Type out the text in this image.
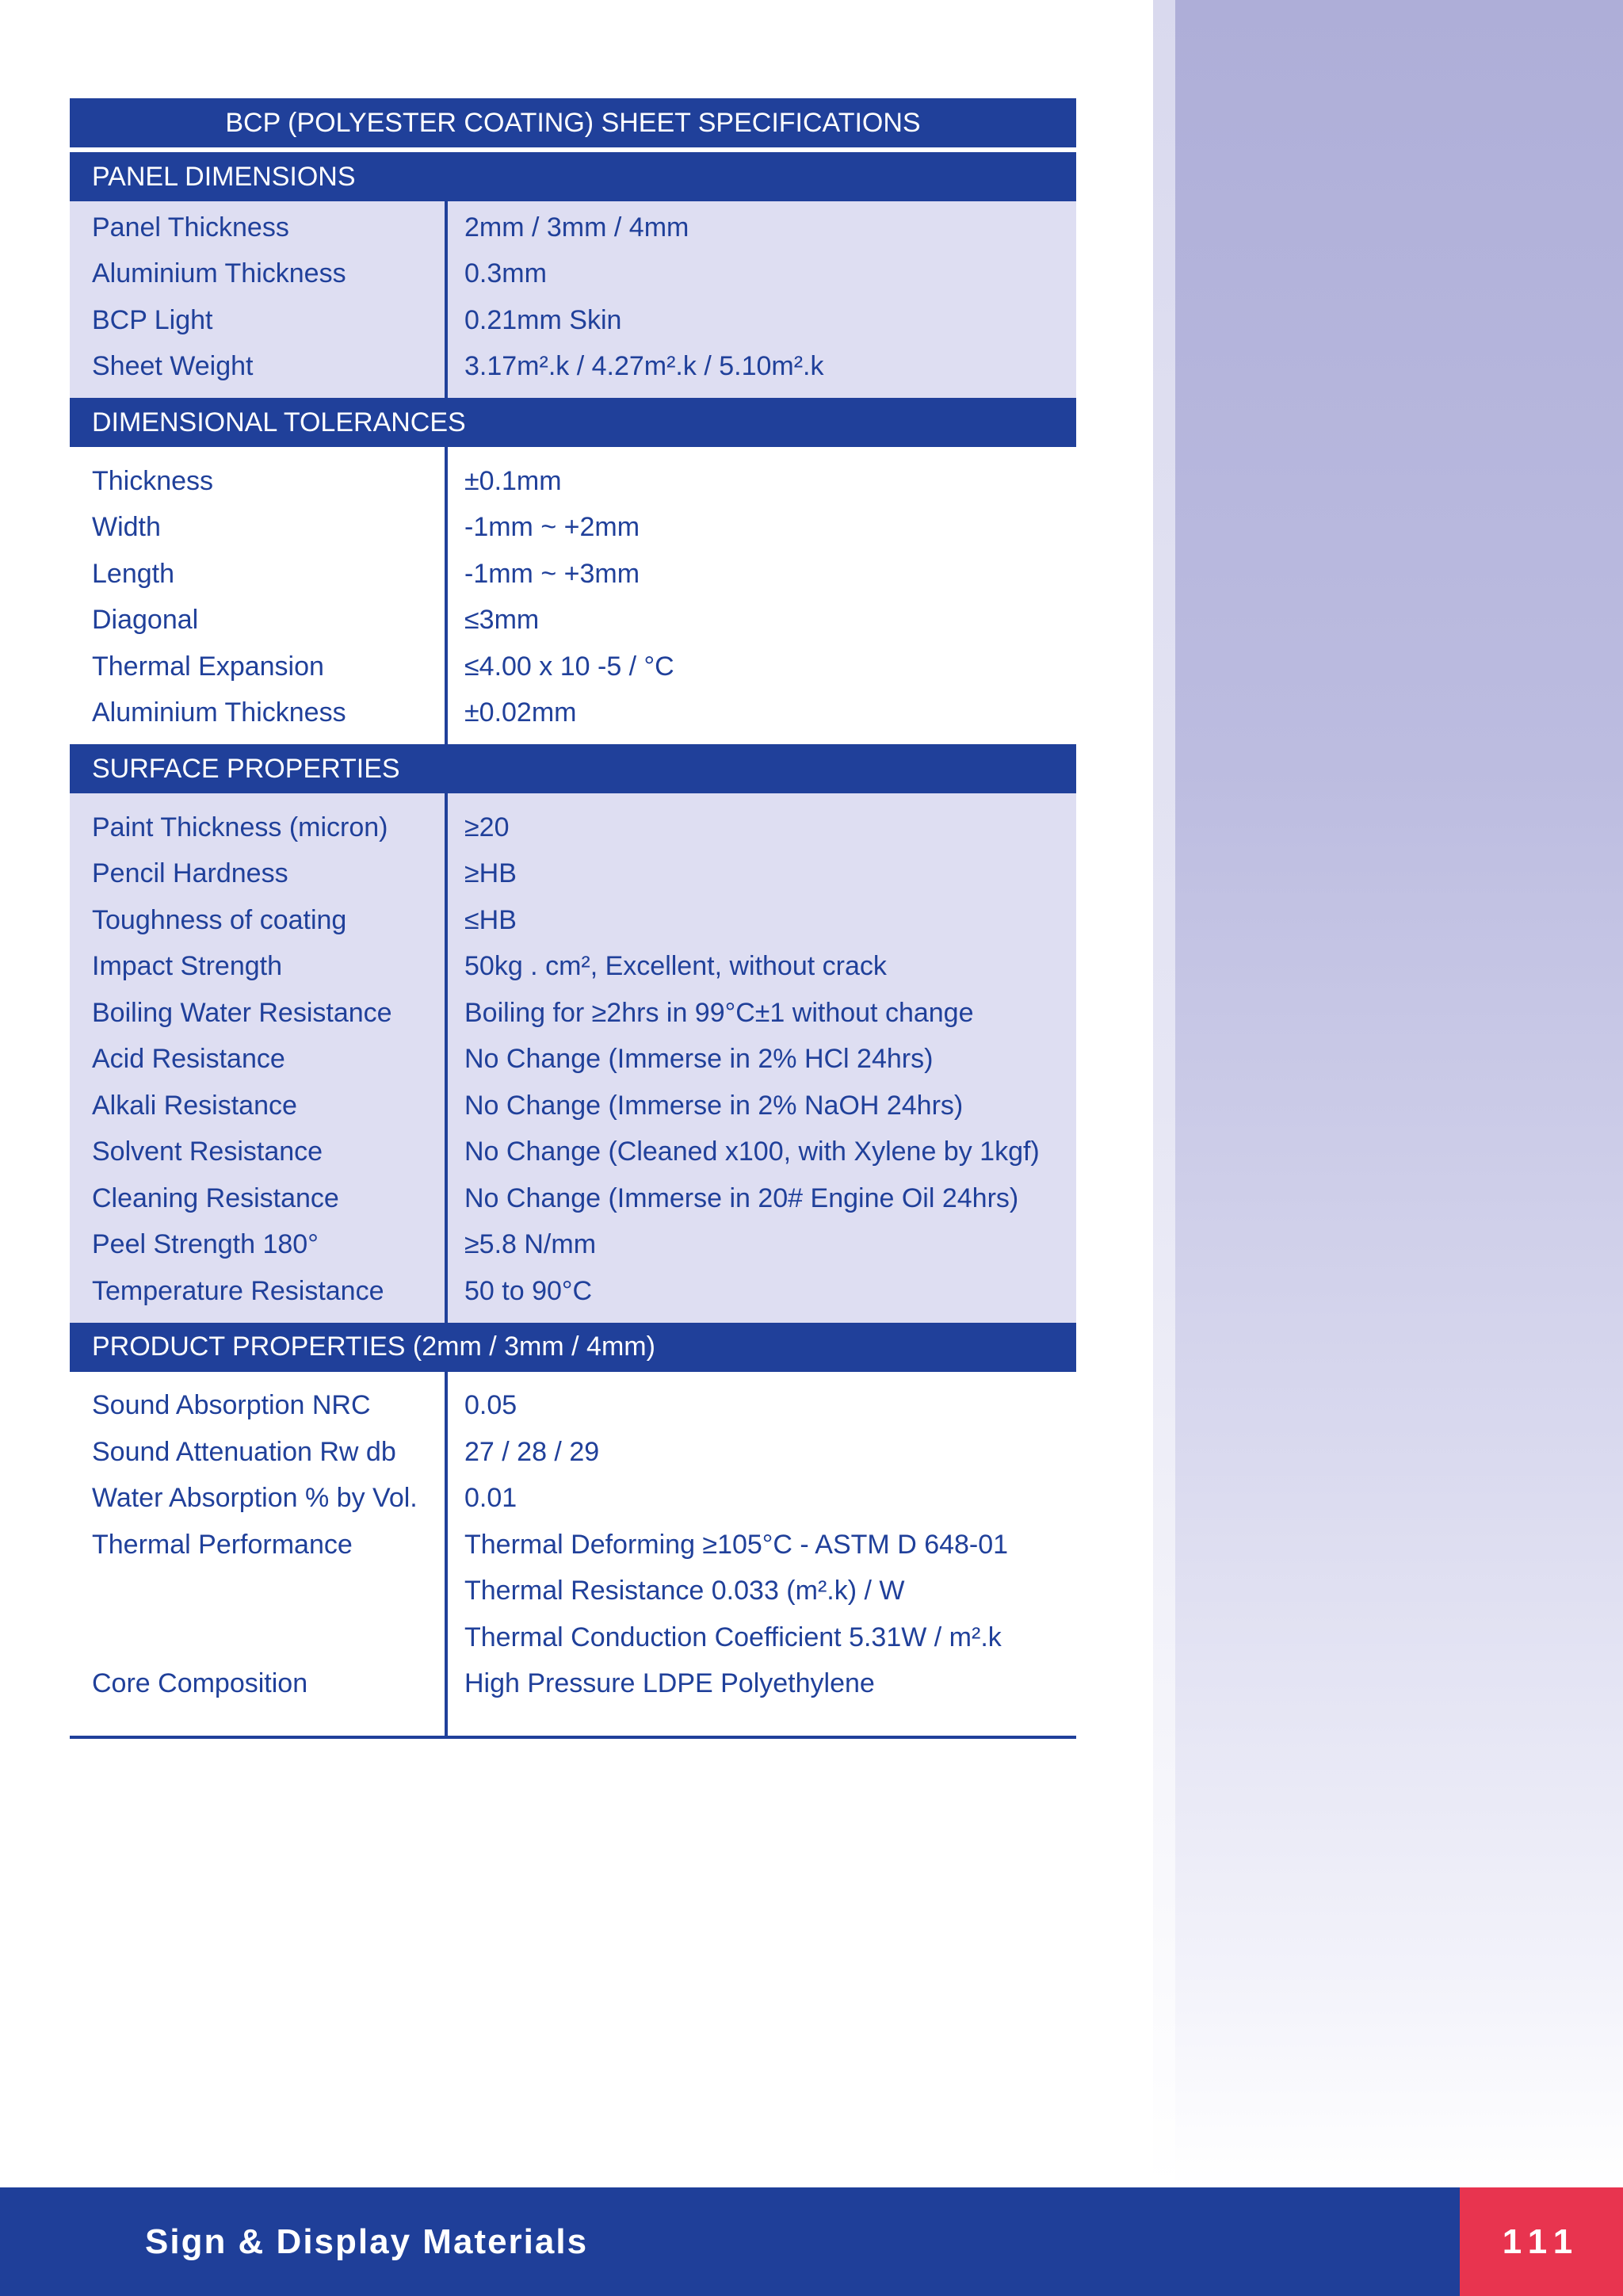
BCP (POLYESTER COATING) SHEET SPECIFICATIONS
PANEL DIMENSIONS
Panel Thickness	2mm / 3mm / 4mm
Aluminium Thickness	0.3mm
BCP Light	0.21mm Skin
Sheet Weight	3.17m².k / 4.27m².k / 5.10m².k
DIMENSIONAL TOLERANCES
Thickness	±0.1mm
Width	-1mm ~ +2mm
Length	-1mm ~ +3mm
Diagonal	≤3mm
Thermal Expansion	≤4.00 x 10 -5 / °C
Aluminium Thickness	±0.02mm
SURFACE PROPERTIES
Paint Thickness (micron)	≥20
Pencil Hardness	≥HB
Toughness of coating	≤HB
Impact Strength	50kg . cm², Excellent, without crack
Boiling Water Resistance	Boiling for ≥2hrs in 99°C±1 without change
Acid Resistance	No Change (Immerse in 2% HCl 24hrs)
Alkali Resistance	No Change (Immerse in 2% NaOH 24hrs)
Solvent Resistance	No Change (Cleaned x100, with Xylene by 1kgf)
Cleaning Resistance	No Change (Immerse in 20# Engine Oil 24hrs)
Peel Strength 180°	≥5.8 N/mm
Temperature Resistance	50 to 90°C
PRODUCT PROPERTIES (2mm / 3mm / 4mm)
Sound Absorption NRC	0.05
Sound Attenuation Rw db	27 / 28 / 29
Water Absorption % by Vol.	0.01
Thermal Performance	Thermal Deforming ≥105°C - ASTM D 648-01
Thermal Resistance 0.033 (m².k) / W
Thermal Conduction Coefficient 5.31W / m².k
Core Composition	High Pressure LDPE Polyethylene
Sign & Display Materials	111
